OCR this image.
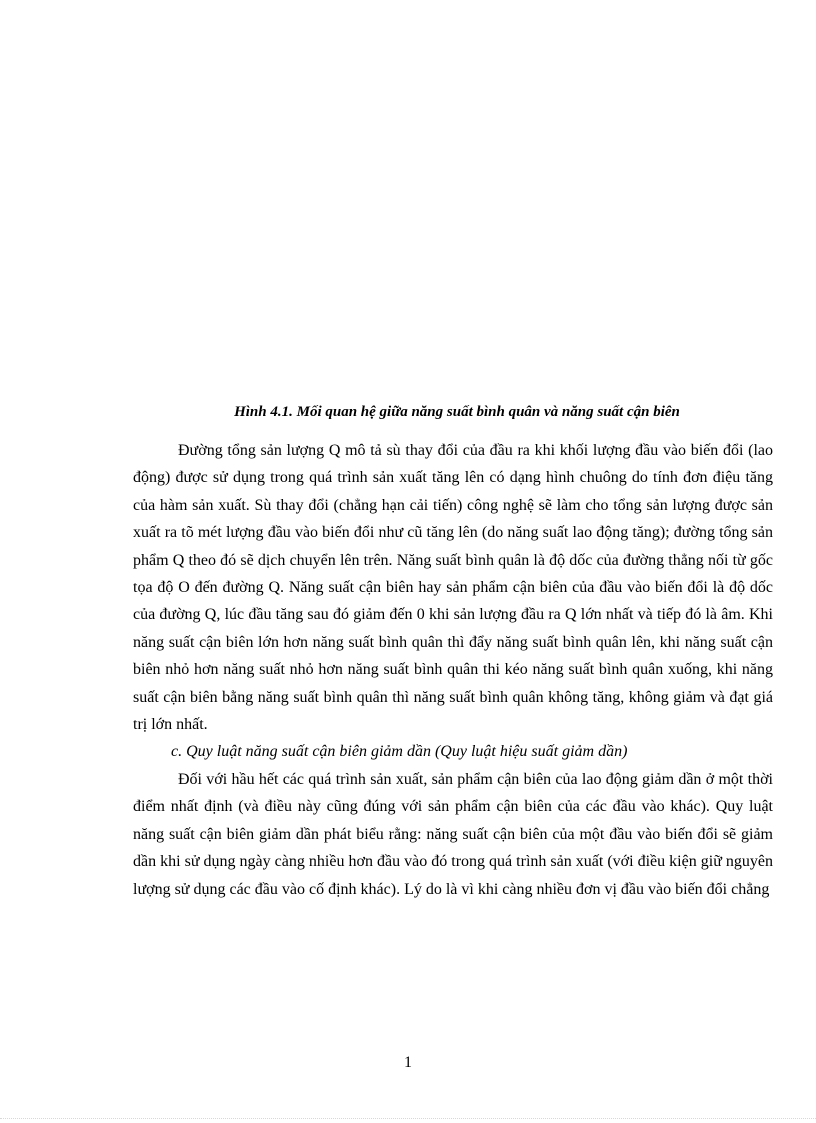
Hình 4.1. Mối quan hệ giữa năng suất bình quân và năng suất cận biên

Đường tổng sản lượng Q mô tả sù thay đổi của đầu ra khi khối lượng đầu vào biến đổi (lao động) được sử dụng trong quá trình sản xuất tăng lên có dạng hình chuông do tính đơn điệu tăng của hàm sản xuất. Sù thay đổi (chẳng hạn cải tiến) công nghệ sẽ làm cho tổng sản lượng được sản xuất ra tõ mét lượng đầu vào biến đổi như cũ tăng lên (do năng suất lao động tăng); đường tổng sản phẩm Q theo đó sẽ dịch chuyển lên trên. Năng suất bình quân là độ dốc của đường thẳng nối từ gốc tọa độ O đến đường Q. Năng suất cận biên hay sản phẩm cận biên của đầu vào biến đổi là độ dốc của đường Q, lúc đầu tăng sau đó giảm đến 0 khi sản lượng đầu ra Q lớn nhất và tiếp đó là âm. Khi năng suất cận biên lớn hơn năng suất bình quân thì đẩy năng suất bình quân lên, khi năng suất cận biên nhỏ hơn năng suất nhỏ hơn năng suất bình quân thi kéo năng suất bình quân xuống, khi năng suất cận biên bằng năng suất bình quân thì năng suất bình quân không tăng, không giảm và đạt giá trị lớn nhất.

c. Quy luật năng suất cận biên giảm dần (Quy luật hiệu suất giảm dần)

Đối với hầu hết các quá trình sản xuất, sản phẩm cận biên của lao động giảm dần ở một thời điểm nhất định (và điều này cũng đúng với sản phẩm cận biên của các đầu vào khác). Quy luật năng suất cận biên giảm dần phát biểu rằng: năng suất cận biên của một đầu vào biến đổi sẽ giảm dần khi sử dụng ngày càng nhiều hơn đầu vào đó trong quá trình sản xuất (với điều kiện giữ nguyên lượng sử dụng các đầu vào cố định khác). Lý do là vì khi càng nhiều đơn vị đầu vào biến đổi chẳng

1
